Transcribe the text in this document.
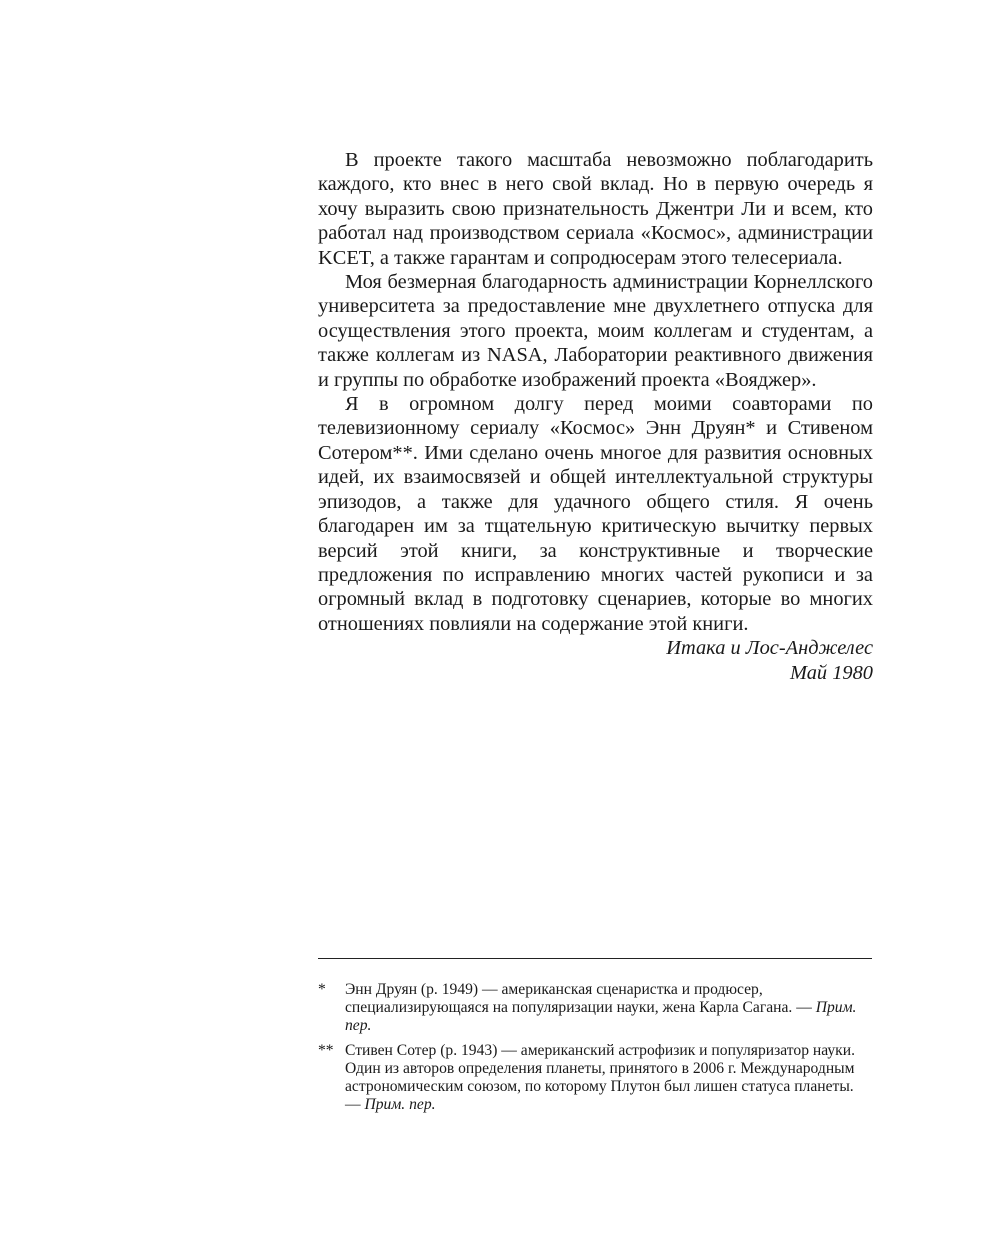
В проекте такого масштаба невозможно поблагодарить каждого, кто внес в него свой вклад. Но в первую очередь я хочу выразить свою признательность Джентри Ли и всем, кто работал над производством сериала «Космос», администрации KCET, а также гарантам и сопродюсерам этого телесериала.

Моя безмерная благодарность администрации Корнеллского университета за предоставление мне двухлетнего отпуска для осуществления этого проекта, моим коллегам и студентам, а также коллегам из NASA, Лаборатории реактивного движения и группы по обработке изображений проекта «Вояджер».

Я в огромном долгу перед моими соавторами по телевизионному сериалу «Космос» Энн Друян* и Стивеном Сотером**. Ими сделано очень многое для развития основных идей, их взаимосвязей и общей интеллектуальной структуры эпизодов, а также для удачного общего стиля. Я очень благодарен им за тщательную критическую вычитку первых версий этой книги, за конструктивные и творческие предложения по исправлению многих частей рукописи и за огромный вклад в подготовку сценариев, которые во многих отношениях повлияли на содержание этой книги.

Итака и Лос-Анджелес

Май 1980

*	Энн Друян (р. 1949) — американская сценаристка и продюсер, специализирующаяся на популяризации науки, жена Карла Сагана. — Прим. пер.
** Стивен Сотер (р. 1943) — американский астрофизик и популяризатор науки. Один из авторов определения планеты, принятого в 2006 г. Международным астрономическим союзом, по которому Плутон был лишен статуса планеты. — Прим. пер.
